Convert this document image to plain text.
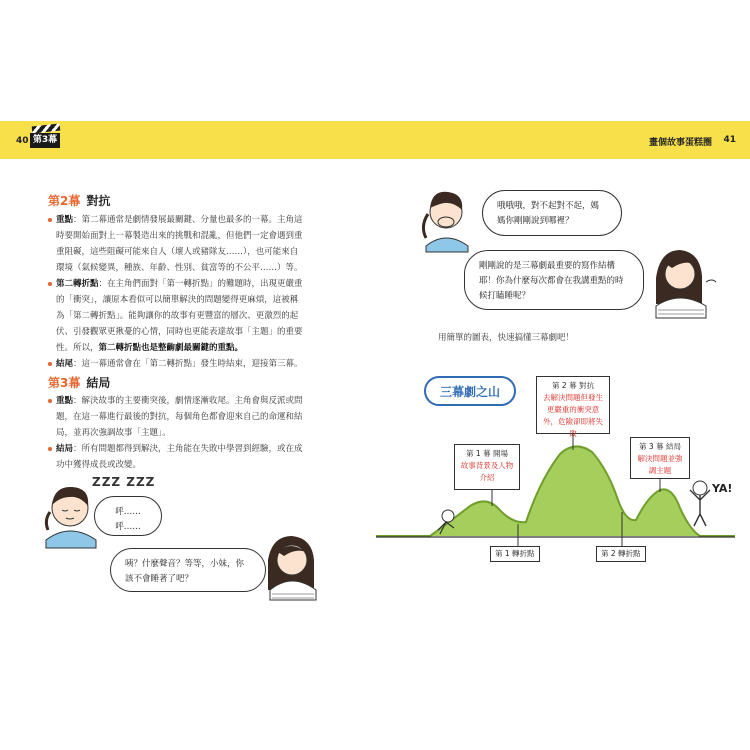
40 第3幕	畫個故事蛋糕圈 41
第2幕 對抗

重點：第二幕通常是劇情發展最關鍵、分量也最多的一幕。主角這時要開始面對上一幕製造出來的挑戰和混亂，但他們一定會遇到重重阻礙，這些阻礙可能來自人（壞人或豬隊友……），也可能來自環境（氣候變異，種族、年齡、性別、貧富等的不公平……）等。

第二轉折點：在主角們面對「第一轉折點」的難題時，出現更嚴重的「衝突」，讓原本看似可以簡單解決的問題變得更麻煩，這被稱為「第二轉折點」。能夠讓你的故事有更豐富的層次、更激烈的起伏、引發觀眾更揪憂的心情，同時也更能表達故事「主題」的重要性。所以，第二轉折點也是整齣劇最關鍵的重點。

結尾：這一幕通常會在「第二轉折點」發生時結束，迎接第三幕。

第3幕 結局

重點：解決故事的主要衝突後，劇情逐漸收尾。主角會與反派或問題，在這一幕進行最後的對抗，每個角色都會迎來自己的命運和結局，並再次強調故事「主題」。

結局：所有問題都得到解決，主角能在失敗中學習到經驗，或在成功中獲得成長或改變。

ZZZ ZZZ
呼……呼……
咦？什麼聲音？等等，小妹，你該不會睡著了吧？
哦哦哦，對不起對不起，媽媽你剛剛說到哪裡？
剛剛說的是三幕劇最重要的寫作結構耶！你為什麼每次都會在我講重點的時候打瞌睡呢？
用簡單的圖表，快速搞懂三幕劇吧！
三幕劇之山
第 1 幕 開場
故事背景及人物介紹
第 2 幕 對抗
去解決問題但發生更嚴重的衝突意外，危險卻即將失敗
第 3 幕 結局
解決問題並強調主題
第 1 轉折點	第 2 轉折點
YA!
